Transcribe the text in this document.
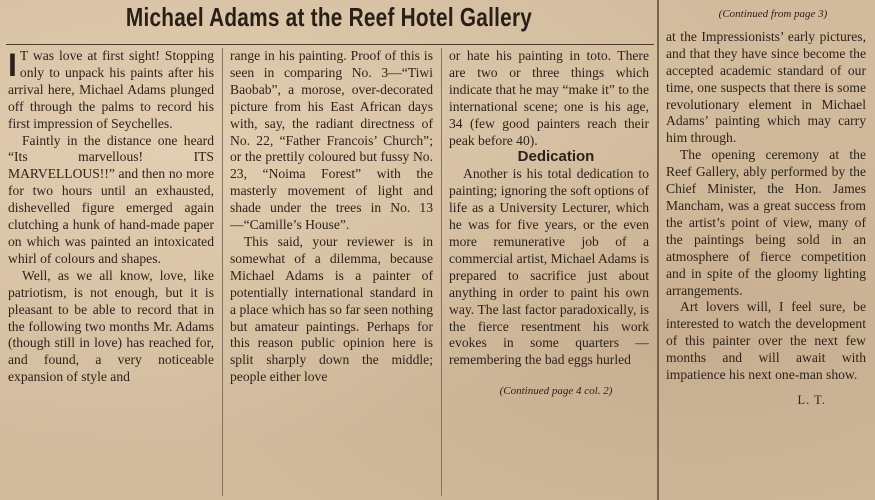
Michael Adams at the Reef Hotel Gallery

I T was love at first sight! Stopping only to unpack his paints after his arrival here, Michael Adams plunged off through the palms to record his first impression of Seychelles.

Faintly in the distance one heard “Its marvellous! ITS MARVELLOUS!!” and then no more for two hours until an exhausted, dishevelled figure emerged again clutching a hunk of hand-made paper on which was painted an intoxicated whirl of colours and shapes.

Well, as we all know, love, like patriotism, is not enough, but it is pleasant to be able to record that in the following two months Mr. Adams (though still in love) has reached for, and found, a very noticeable expansion of style and

range in his painting. Proof of this is seen in comparing No. 3—“Tiwi Baobab”, a morose, over-decorated picture from his East African days with, say, the radiant directness of No. 22, “Father Francois’ Church”; or the prettily coloured but fussy No. 23, “Noima Forest” with the masterly movement of light and shade under the trees in No. 13—“Camille’s House”.

This said, your reviewer is in somewhat of a dilemma, because Michael Adams is a painter of potentially international standard in a place which has so far seen nothing but amateur paintings. Perhaps for this reason public opinion here is split sharply down the middle; people either love

or hate his painting in toto. There are two or three things which indicate that he may “make it” to the international scene; one is his age, 34 (few good painters reach their peak before 40).

Dedication

Another is his total dedication to painting; ignoring the soft options of life as a University Lecturer, which he was for five years, or the even more remunerative job of a commercial artist, Michael Adams is prepared to sacrifice just about anything in order to paint his own way. The last factor paradoxically, is the fierce resentment his work evokes in some quarters — remembering the bad eggs hurled

(Continued page 4 col. 2)

(Continued from page 3)

at the Impressionists’ early pictures, and that they have since become the accepted academic standard of our time, one suspects that there is some revolutionary element in Michael Adams’ painting which may carry him through.

The opening ceremony at the Reef Gallery, ably performed by the Chief Minister, the Hon. James Mancham, was a great success from the artist’s point of view, many of the paintings being sold in an atmosphere of fierce competition and in spite of the gloomy lighting arrangements.

Art lovers will, I feel sure, be interested to watch the development of this painter over the next few months and will await with impatience his next one-man show.

L. T.
